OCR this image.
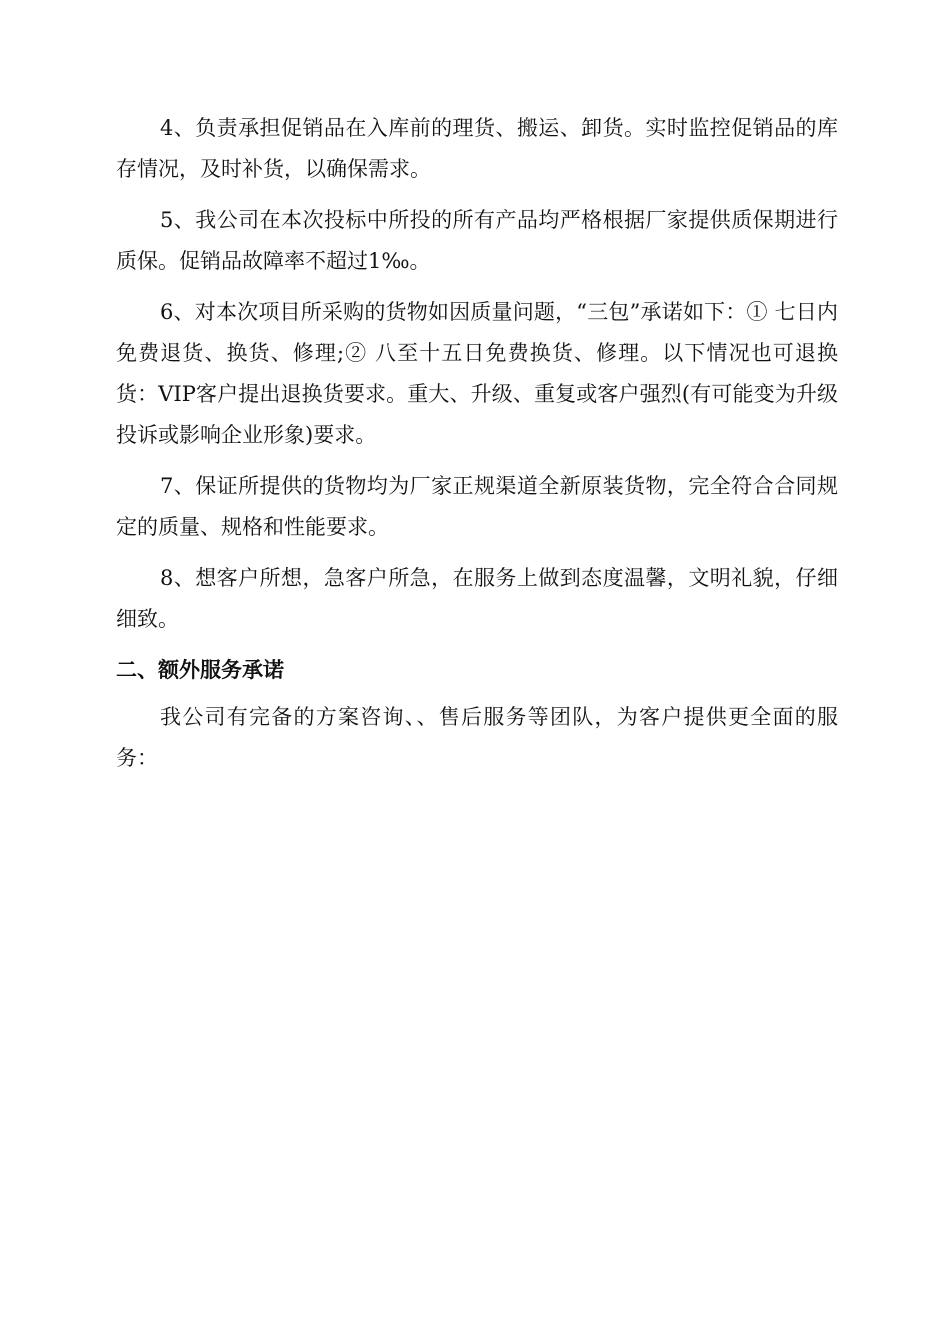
4、负责承担促销品在入库前的理货、搬运、卸货。实时监控促销品的库存情况，及时补货，以确保需求。

5、我公司在本次投标中所投的所有产品均严格根据厂家提供质保期进行质保。促销品故障率不超过1‰。

6、对本次项目所采购的货物如因质量问题，“三包”承诺如下：① 七日内免费退货、换货、修理;② 八至十五日免费换货、修理。以下情况也可退换货：VIP客户提出退换货要求。重大、升级、重复或客户强烈(有可能变为升级投诉或影响企业形象)要求。

7、保证所提供的货物均为厂家正规渠道全新原装货物，完全符合合同规定的质量、规格和性能要求。

8、想客户所想，急客户所急，在服务上做到态度温馨，文明礼貌，仔细细致。

二、额外服务承诺

我公司有完备的方案咨询、、售后服务等团队，为客户提供更全面的服务：
